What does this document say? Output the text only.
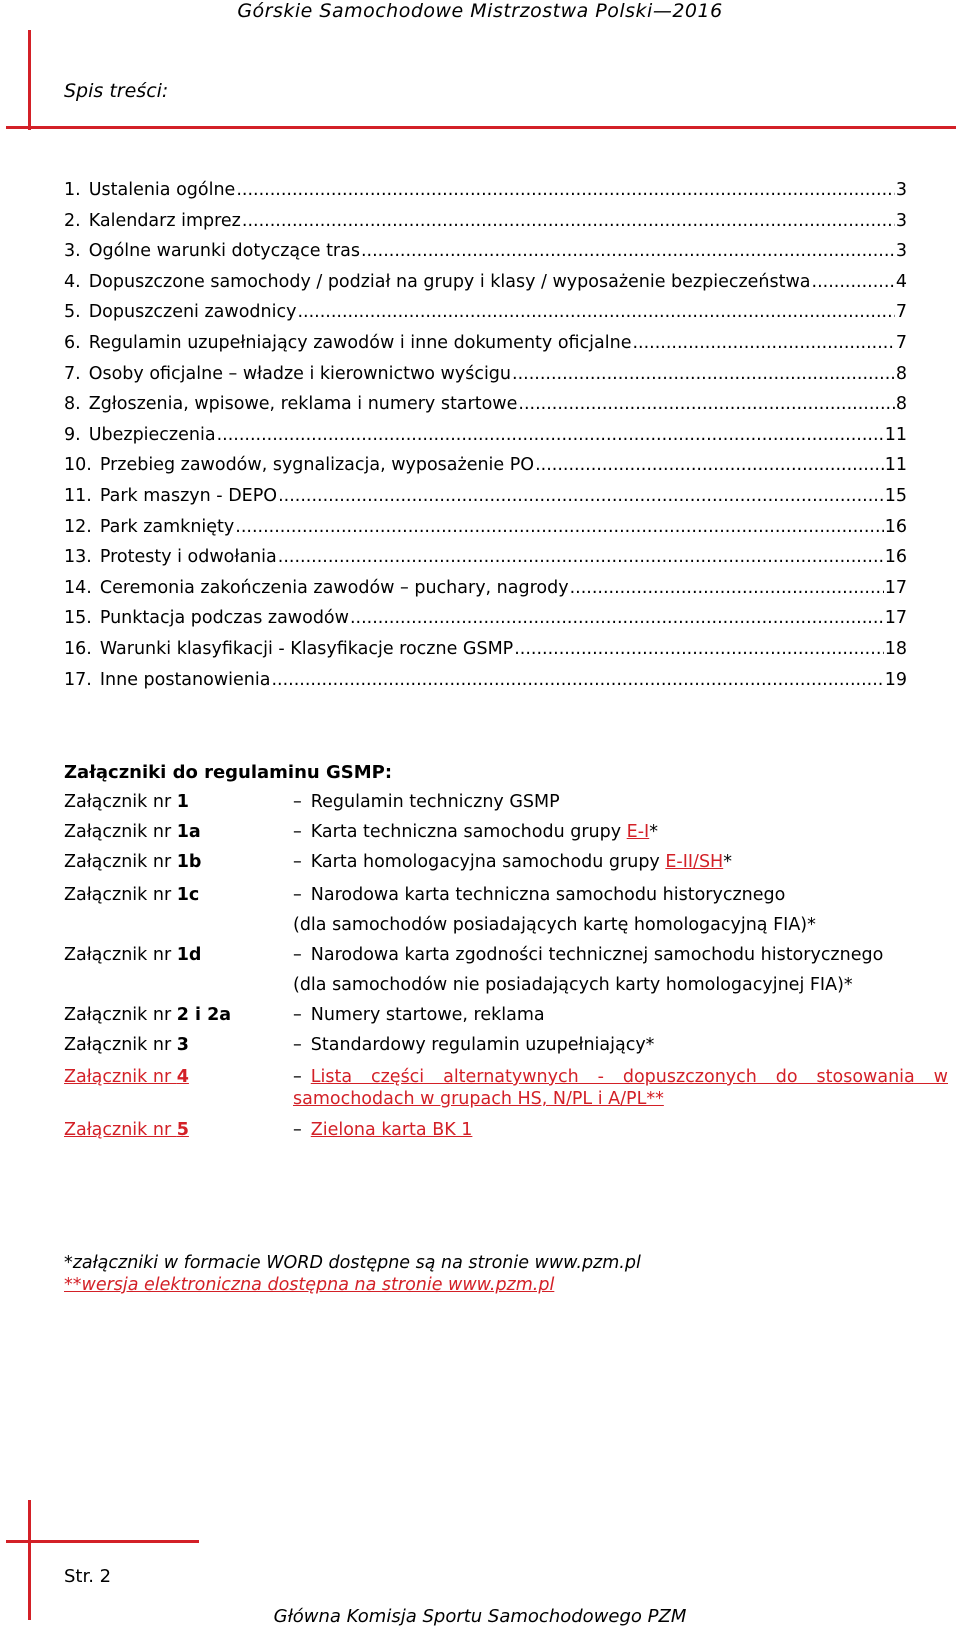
Górskie Samochodowe Mistrzostwa Polski—2016
Spis treści:
1. Ustalenia ogólne .....	3
2. Kalendarz imprez .....	3
3. Ogólne warunki dotyczące tras .....	3
4. Dopuszczone samochody / podział na grupy i klasy / wyposażenie bezpieczeństwa .....	4
5. Dopuszczeni zawodnicy .....	7
6. Regulamin uzupełniający zawodów i inne dokumenty oficjalne .....	7
7. Osoby oficjalne – władze i kierownictwo wyścigu .....	8
8. Zgłoszenia, wpisowe, reklama i numery startowe .....	8
9. Ubezpieczenia .....	11
10. Przebieg zawodów, sygnalizacja, wyposażenie PO .....	11
11. Park maszyn - DEPO .....	15
12. Park zamknięty .....	16
13. Protesty i odwołania .....	16
14. Ceremonia zakończenia zawodów – puchary, nagrody .....	17
15. Punktacja podczas zawodów .....	17
16. Warunki klasyfikacji - Klasyfikacje roczne GSMP .....	18
17. Inne postanowienia .....	19
Załączniki do regulaminu GSMP:
Załącznik nr 1	– Regulamin techniczny GSMP
Załącznik nr 1a	– Karta techniczna samochodu grupy E-I*
Załącznik nr 1b	– Karta homologacyjna samochodu grupy E-II/SH*
Załącznik nr 1c	– Narodowa karta techniczna samochodu historycznego
(dla samochodów posiadających kartę homologacyjną FIA)*
Załącznik nr 1d	– Narodowa karta zgodności technicznej samochodu historycznego
(dla samochodów nie posiadających karty homologacyjnej FIA)*
Załącznik nr 2 i 2a	– Numery startowe, reklama
Załącznik nr 3	– Standardowy regulamin uzupełniający*
Załącznik nr 4	– Lista części alternatywnych - dopuszczonych do stosowania w samochodach w grupach HS, N/PL i A/PL**
Załącznik nr 5	– Zielona karta BK 1
*załączniki w formacie WORD dostępne są na stronie www.pzm.pl
**wersja elektroniczna dostępna na stronie www.pzm.pl
Str. 2
Główna Komisja Sportu Samochodowego PZM
